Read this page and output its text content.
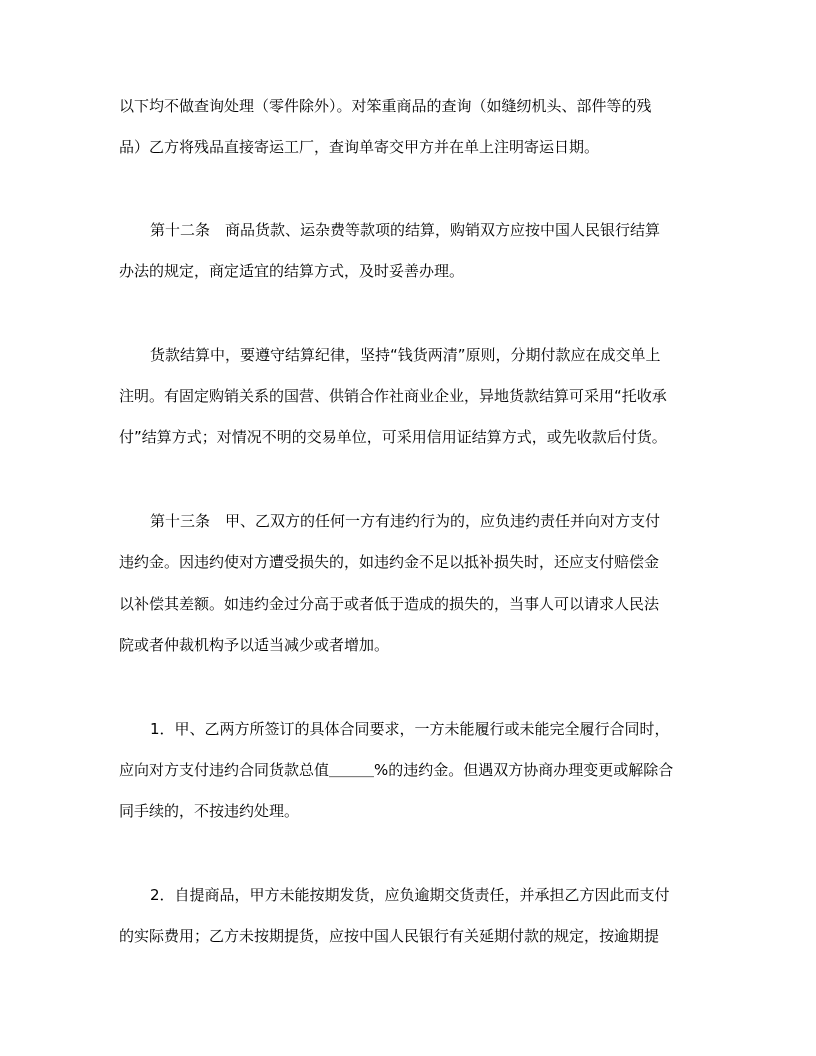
以下均不做查询处理（零件除外）。对笨重商品的查询（如缝纫机头、部件等的残
品）乙方将残品直接寄运工厂，查询单寄交甲方并在单上注明寄运日期。
第十二条　商品货款、运杂费等款项的结算，购销双方应按中国人民银行结算
办法的规定，商定适宜的结算方式，及时妥善办理。
货款结算中，要遵守结算纪律，坚持“钱货两清”原则，分期付款应在成交单上
注明。有固定购销关系的国营、供销合作社商业企业，异地货款结算可采用“托收承
付”结算方式；对情况不明的交易单位，可采用信用证结算方式，或先收款后付货。
第十三条　甲、乙双方的任何一方有违约行为的，应负违约责任并向对方支付
违约金。因违约使对方遭受损失的，如违约金不足以抵补损失时，还应支付赔偿金
以补偿其差额。如违约金过分高于或者低于造成的损失的，当事人可以请求人民法
院或者仲裁机构予以适当减少或者增加。
1．甲、乙两方所签订的具体合同要求，一方未能履行或未能完全履行合同时，
应向对方支付违约合同货款总值＿＿＿%的违约金。但遇双方协商办理变更或解除合
同手续的，不按违约处理。
2．自提商品，甲方未能按期发货，应负逾期交货责任，并承担乙方因此而支付
的实际费用；乙方未按期提货，应按中国人民银行有关延期付款的规定，按逾期提
